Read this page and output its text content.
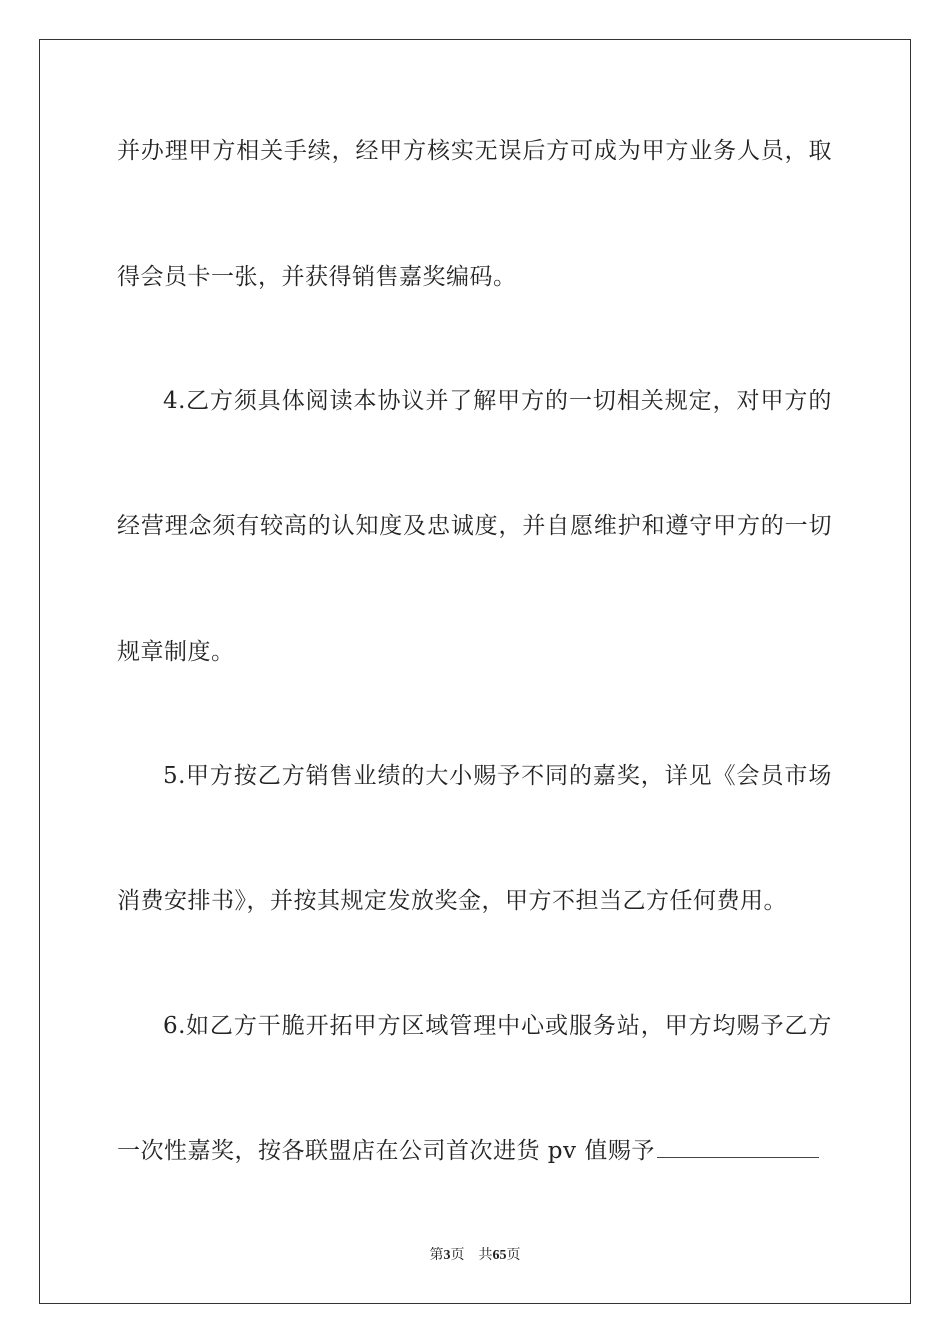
并 办 理 甲 方 相 关 手 续 ， 经 甲 方 核 实 无 误 后 方 可 成 为 甲 方 业 务 人 员 ， 取
得会员卡一张，并获得销售嘉奖编码。
4.乙 方 须 具 体 阅 读 本 协 议 并 了 解 甲 方 的 一 切 相 关 规 定 ， 对 甲 方 的
经 营 理 念 须 有 较 高 的 认 知 度 及 忠 诚 度 ， 并 自 愿 维 护 和 遵 守 甲 方 的 一 切
规章制度。
5.甲 方 按 乙 方 销 售 业 绩 的 大 小 赐 予 不 同 的 嘉 奖 ， 详 见 《 会 员 市 场
消费安排书》，并按其规定发放奖金，甲方不担当乙方任何费用。
6.如 乙 方 干 脆 开 拓 甲 方 区 域 管 理 中 心 或 服 务 站 ， 甲 方 均 赐 予 乙 方
一次性嘉奖，按各联盟店在公司首次进货 pv 值赐予
第3页 共65页
